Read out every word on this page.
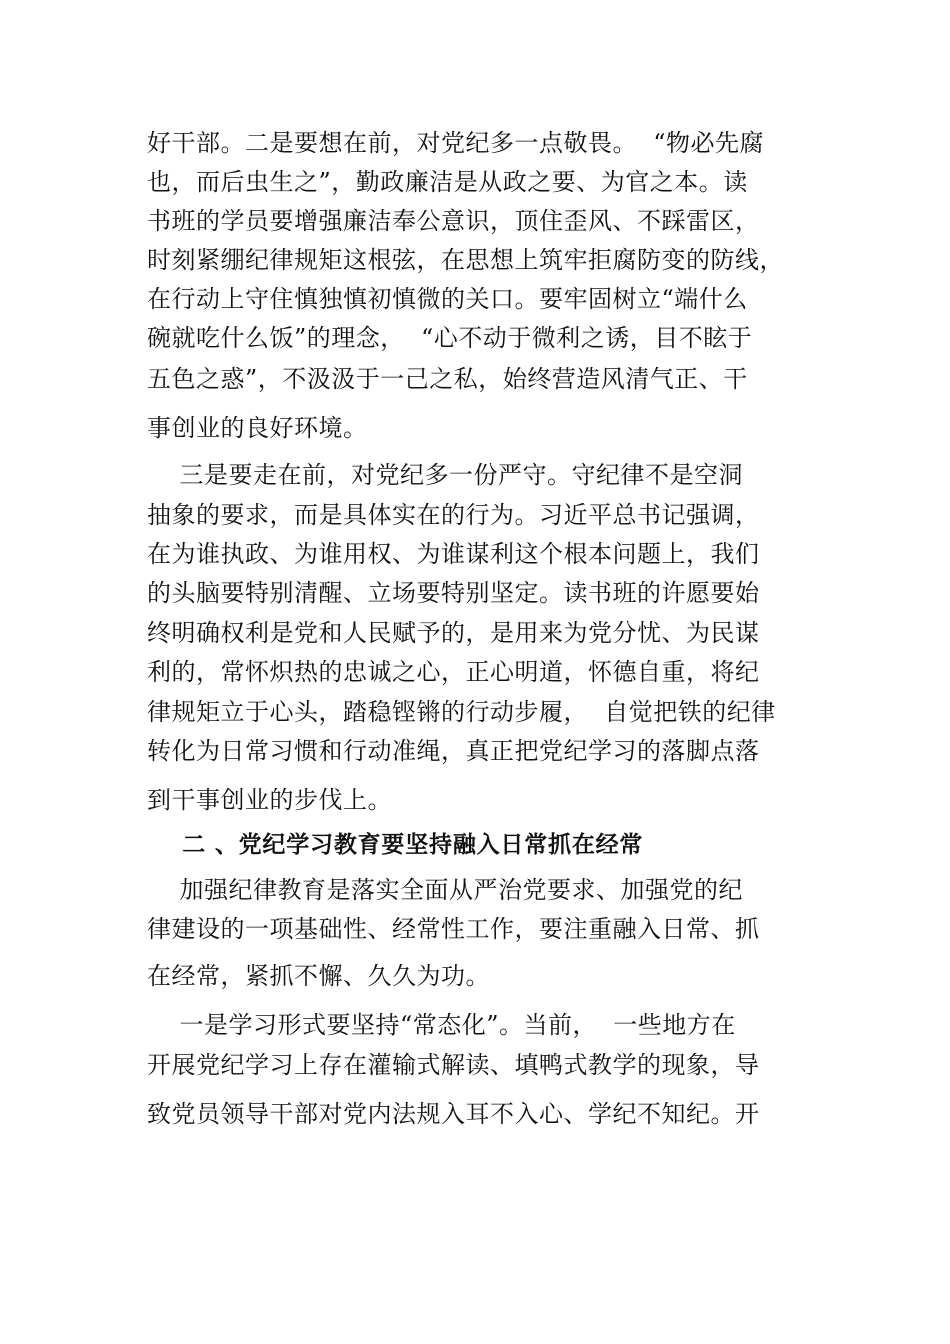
好干部。二是要想在前，对党纪多一点敬畏。  “物必先腐
也，而后虫生之”，勤政廉洁是从政之要、为官之本。读
书班的学员要增强廉洁奉公意识，顶住歪风、不踩雷区，
时刻紧绷纪律规矩这根弦，在思想上筑牢拒腐防变的防线，
在行动上守住慎独慎初慎微的关口。要牢固树立“端什么
碗就吃什么饭”的理念，  “心不动于微利之诱，目不眩于
五色之惑”，不汲汲于一己之私，始终营造风清气正、干
事创业的良好环境。
三是要走在前，对党纪多一份严守。守纪律不是空洞
抽象的要求，而是具体实在的行为。习近平总书记强调，
在为谁执政、为谁用权、为谁谋利这个根本问题上，我们
的头脑要特别清醒、立场要特别坚定。读书班的许愿要始
终明确权利是党和人民赋予的，是用来为党分忧、为民谋
利的，常怀炽热的忠诚之心，正心明道，怀德自重，将纪
律规矩立于心头，踏稳铿锵的行动步履，  自觉把铁的纪律
转化为日常习惯和行动准绳，真正把党纪学习的落脚点落
到干事创业的步伐上。
二 、党纪学习教育要坚持融入日常抓在经常
加强纪律教育是落实全面从严治党要求、加强党的纪
律建设的一项基础性、经常性工作，要注重融入日常、抓
在经常，紧抓不懈、久久为功。
一是学习形式要坚持“常态化”。当前，  一些地方在
开展党纪学习上存在灌输式解读、填鸭式教学的现象，导
致党员领导干部对党内法规入耳不入心、学纪不知纪。开
